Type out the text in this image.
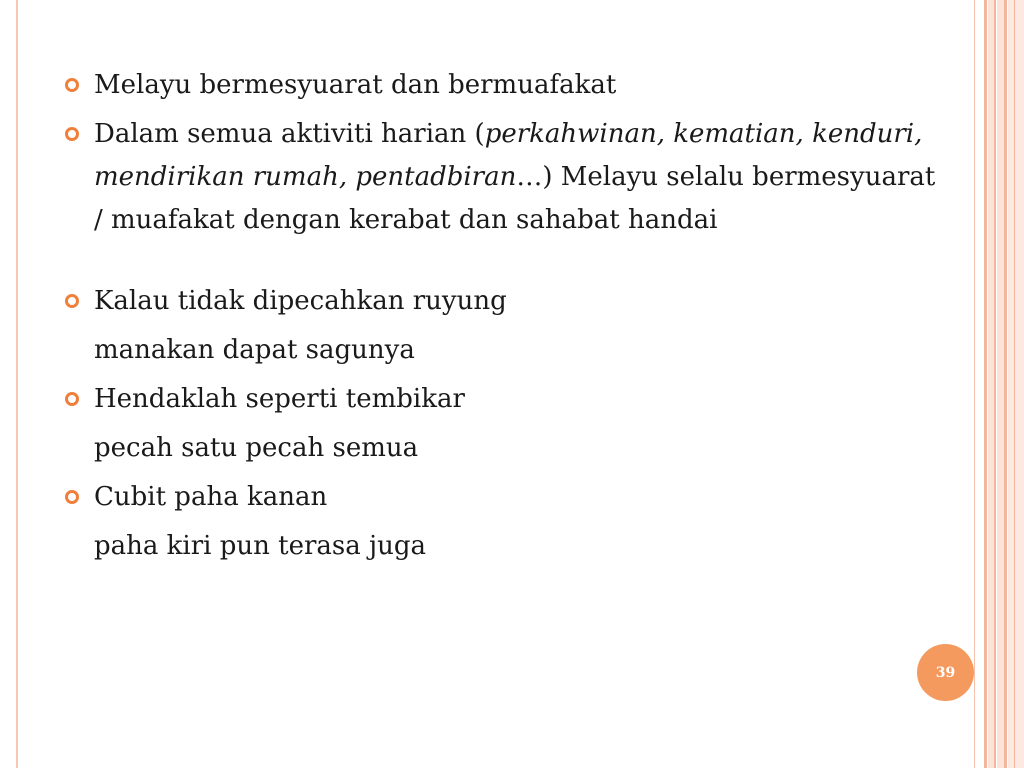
Melayu bermesyuarat dan bermuafakat
Dalam semua aktiviti harian (perkahwinan, kematian, kenduri, mendirikan rumah, pentadbiran…) Melayu selalu bermesyuarat / muafakat dengan kerabat dan sahabat handai
Kalau tidak dipecahkan ruyung
manakan dapat sagunya
Hendaklah seperti tembikar
pecah satu pecah semua
Cubit paha kanan
paha kiri pun terasa juga
39
